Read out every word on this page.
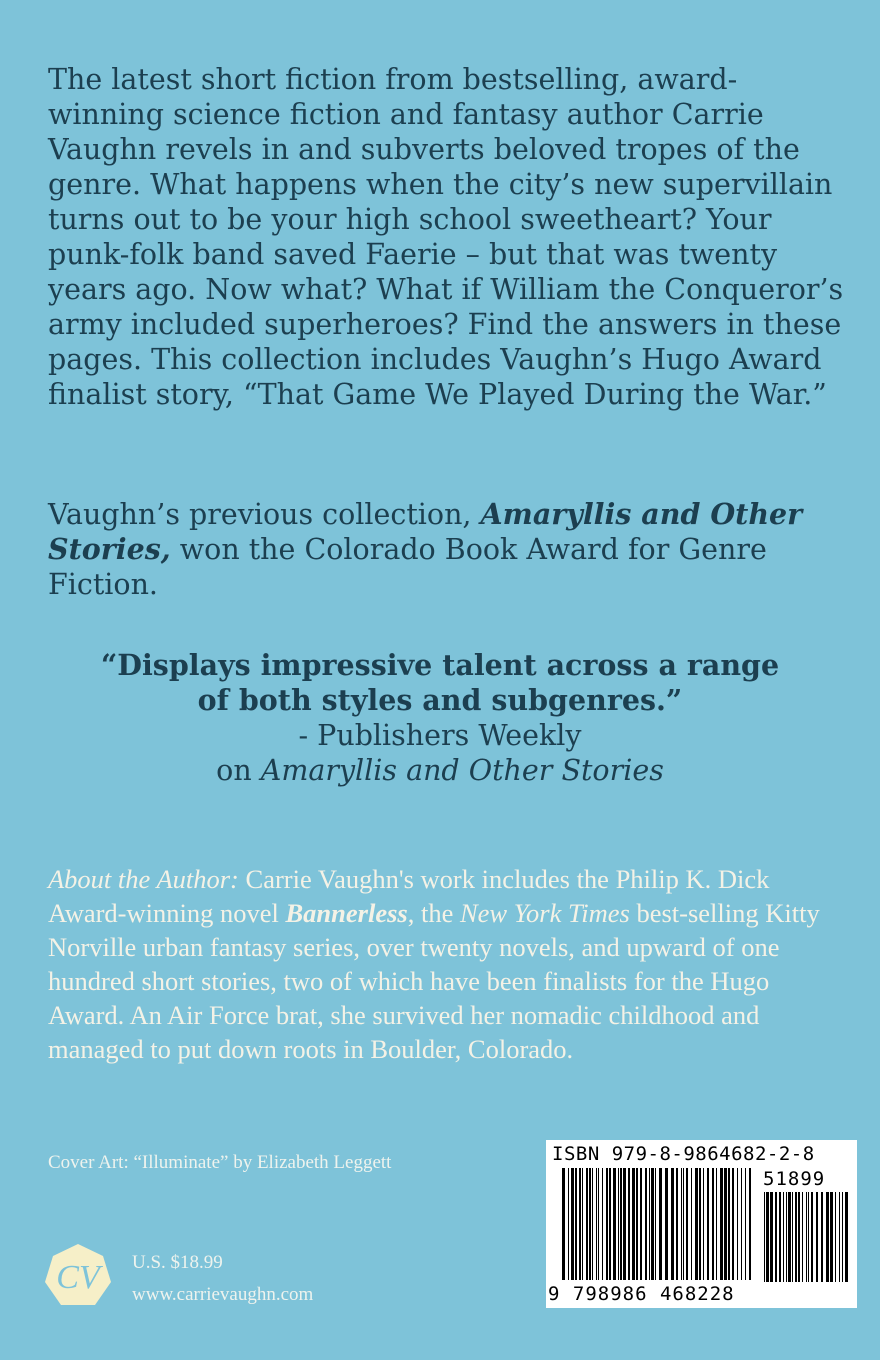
The latest short fiction from bestselling, award-winning science fiction and fantasy author Carrie Vaughn revels in and subverts beloved tropes of the genre. What happens when the city’s new supervillain turns out to be your high school sweetheart? Your punk-folk band saved Faerie – but that was twenty years ago. Now what? What if William the Conqueror’s army included superheroes? Find the answers in these pages. This collection includes Vaughn’s Hugo Award finalist story, “That Game We Played During the War.”

Vaughn’s previous collection, Amaryllis and Other Stories, won the Colorado Book Award for Genre Fiction.

“Displays impressive talent across a range
of both styles and subgenres.”
- Publishers Weekly
on Amaryllis and Other Stories

About the Author: Carrie Vaughn's work includes the Philip K. Dick Award-winning novel Bannerless, the New York Times best-selling Kitty Norville urban fantasy series, over twenty novels, and upward of one hundred short stories, two of which have been finalists for the Hugo Award. An Air Force brat, she survived her nomadic childhood and managed to put down roots in Boulder, Colorado.

Cover Art: “Illuminate” by Elizabeth Leggett
CV U.S. $18.99
www.carrievaughn.com
ISBN 979-8-9864682-2-8
51899
9 798986 468228
